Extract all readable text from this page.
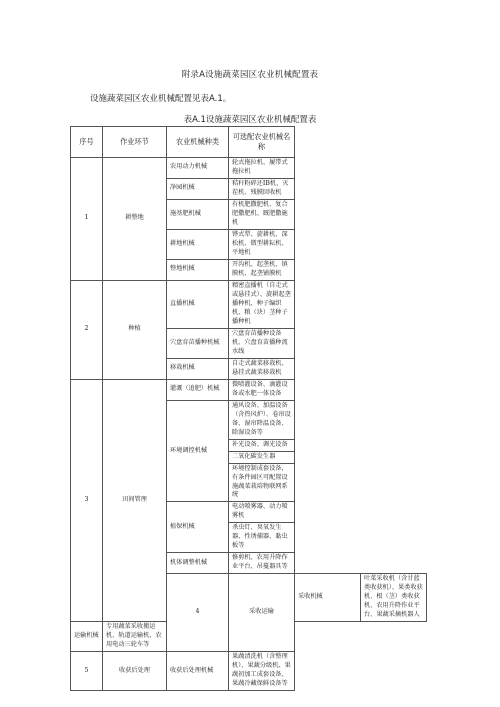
附录A设施蔬菜园区农业机械配置表
设施蔬菜园区农业机械配置见表A.1。
表A.1设施蔬菜园区农业机械配置表
序号	作业环节	农业机械种类	可选配农业机械名称		
1	耕整地	农用动力机械	轮式拖拉机、履带式拖拉机		
		净园机械	秸秆粉碎还IB机、灭茬机、残膜回收机		
		施基肥机械	有机肥撒肥机、复合肥撒肥机、厩肥撒施机		
		耕地机械	铧式犁、旋耕机、深松机、微型耕耘机、平地机		
		整地机械	开沟机、起垄机、镇膜机、起垄铺膜机		
2	种植	直播机械	精密直播机（自走式或悬挂式）、旋耕起垄播种机、种子编织机，粮（块）茎种子播种机		
		穴盘育苗播种机械	穴盘育苗播种设备机、穴盘育苗播种流水线		
		移栽机械	自走式蔬菜移栽机、悬挂式蔬菜移栽机		
3	田间管理	灌溉（追肥）机械	微喷灌设备、滴灌设备或水肥一体设备		
		环境调控机械	通风设备、加温设备（含热风炉）、卷帘设备、湿帘降温设备、除湿设备等		
			补光设备、调光设备		
			二氧化碳发生器		
			环境控制成套设备，有条件园区可配置设施蔬菜栽培物联网系统		
		植保机械	电动喷雾器、动力喷雾机		
			杀虫灯、臭氧发生器、性诱捕器、黏虫板等		
		机体调整机械	修剪机、农用升降作业平台、吊蔓器具等		
		4	采收运输	采收机械	叶菜采收机（含甘蓝类收获机）、果类收获机、根（茎）类收获机、农用升降作业平台、果蔬采摘机器人
运输机械	专用蔬菜采收搬运机、轨道运输机、农用电动三轮车等				
5	收获后处理	收获后处理机械	果蔬清洗机（含整理机）、果蔬分级机、果蔬初加工成套设备、果蔬冷藏保鲜设备等		
